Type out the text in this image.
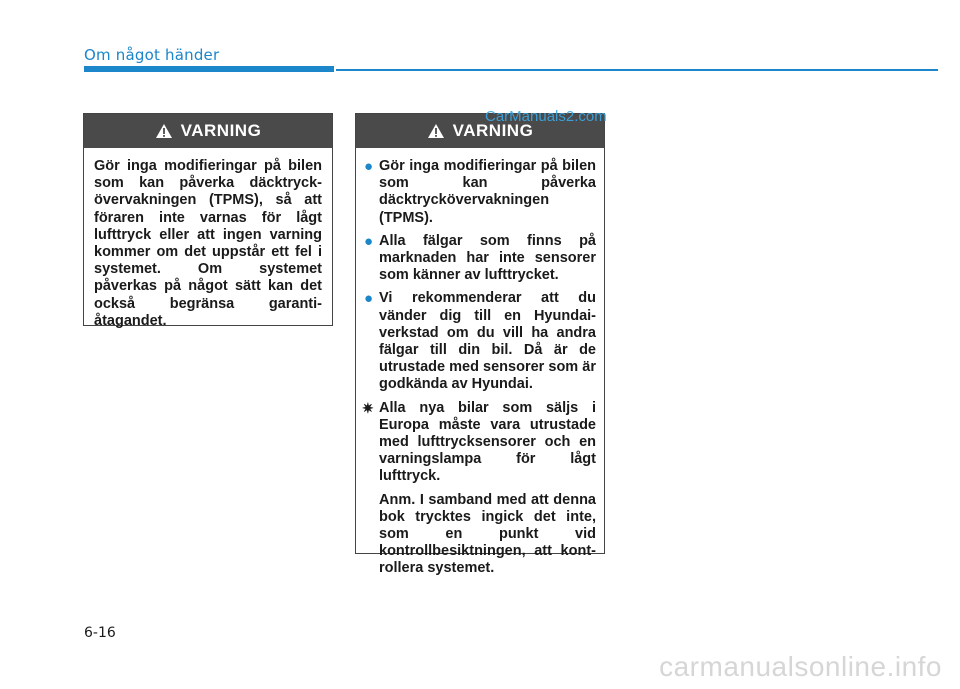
Om något händer
VARNING

Gör inga modifieringar på bilen som kan påverka däcktryck-övervakningen (TPMS), så att föraren inte varnas för lågt lufttryck eller att ingen varning kommer om det uppstår ett fel i systemet. Om systemet påverkas på något sätt kan det också begränsa garanti-åtagandet.

VARNING
● Gör inga modifieringar på bilen som kan påverka däcktryckövervakningen (TPMS).
● Alla fälgar som finns på marknaden har inte sensorer som känner av lufttrycket.
● Vi rekommenderar att du vänder dig till en Hyundai-verkstad om du vill ha andra fälgar till din bil. Då är de utrustade med sensorer som är godkända av Hyundai.
✷ Alla nya bilar som säljs i Europa måste vara utrustade med lufttrycksensorer och en varningslampa för lågt lufttryck.

Anm. I samband med att denna bok trycktes ingick det inte, som en punkt vid kontrollbesiktningen, att kont-rollera systemet.

CarManuals2.com
6-16
carmanualsonline.info
